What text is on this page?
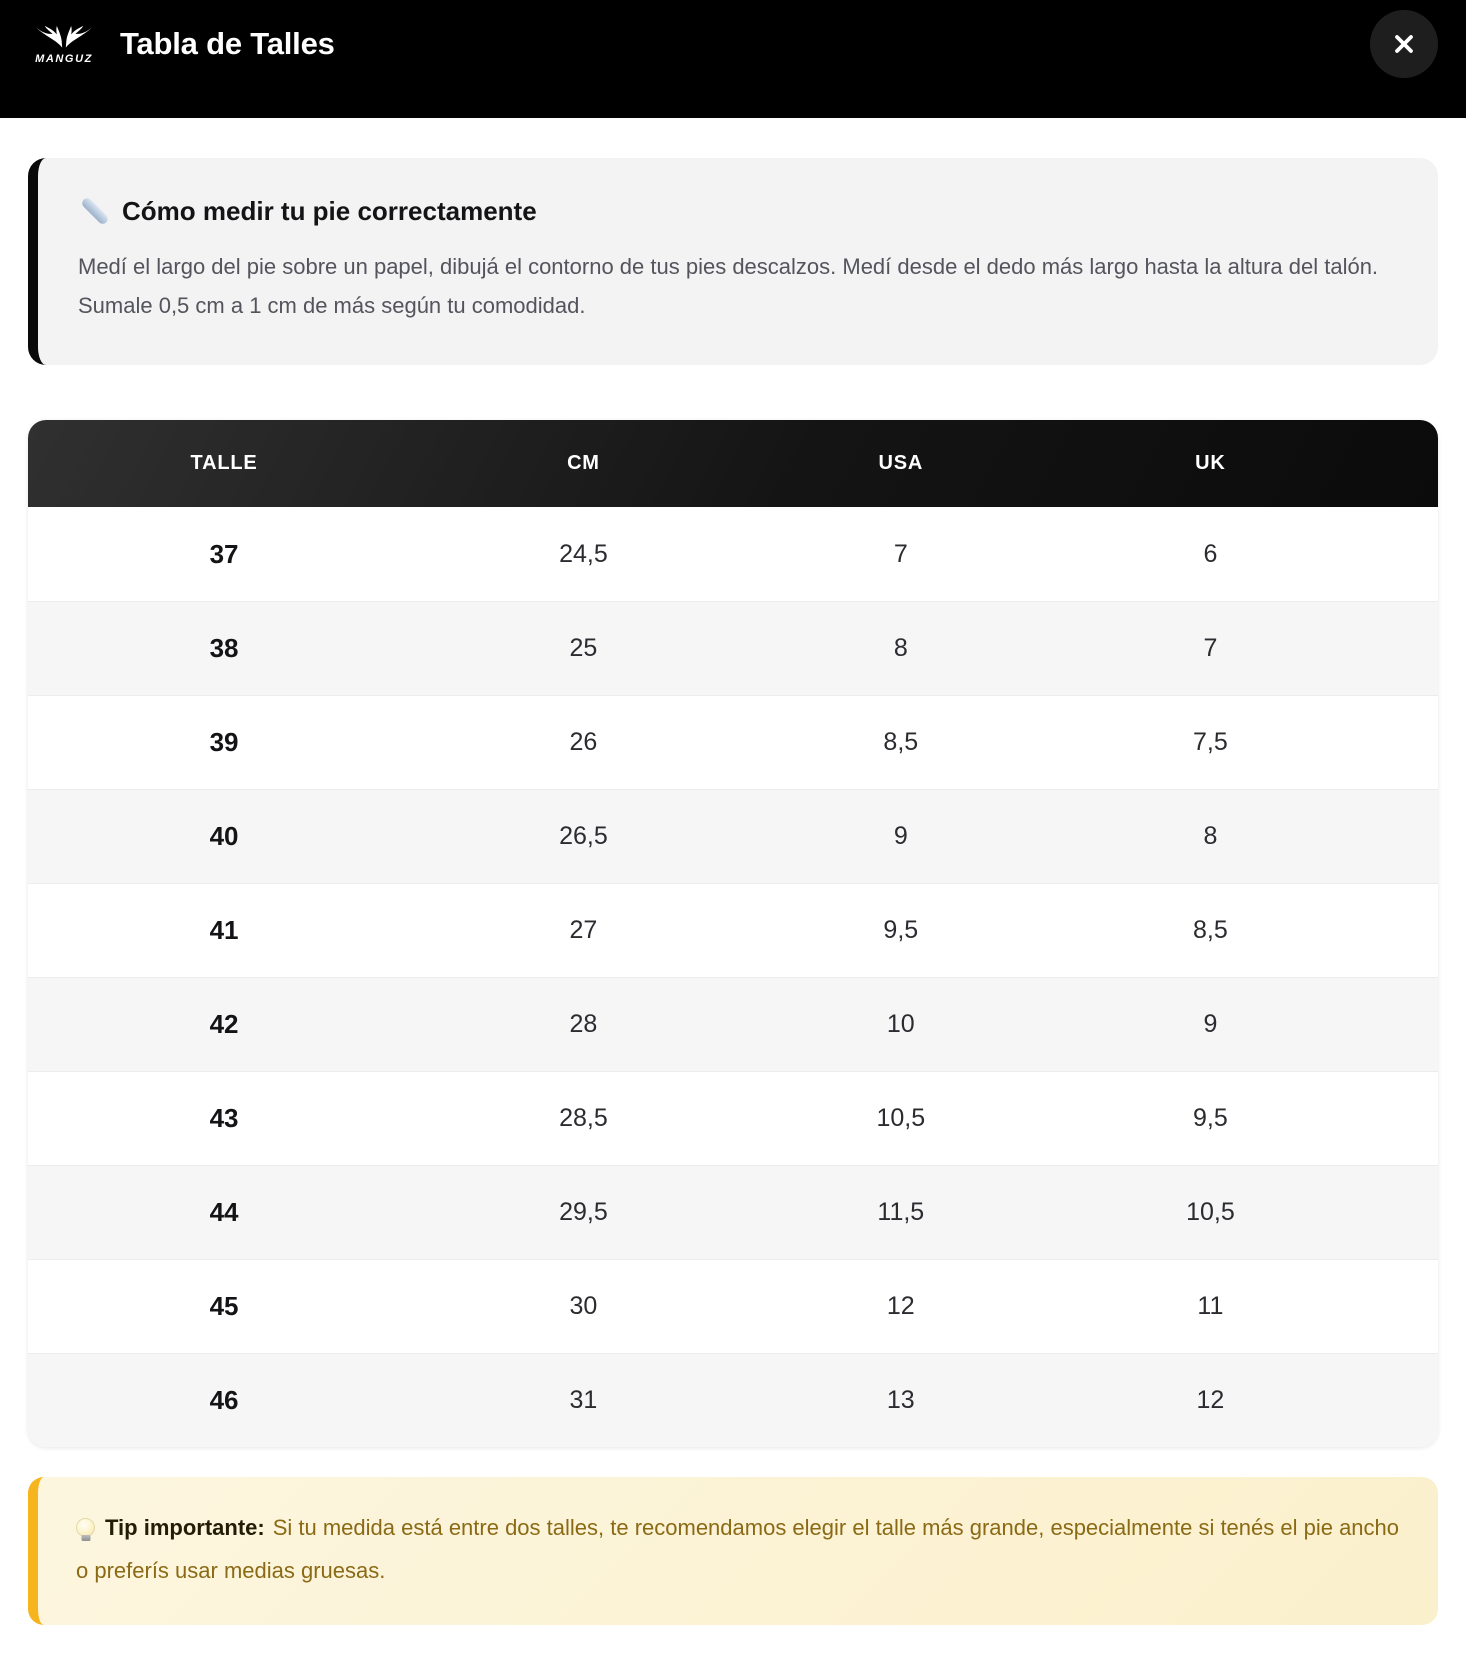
MANGUZ Tabla de Talles
Cómo medir tu pie correctamente

Medí el largo del pie sobre un papel, dibujá el contorno de tus pies descalzos. Medí desde el dedo más largo hasta la altura del talón. Sumale 0,5 cm a 1 cm de más según tu comodidad.

TALLE	CM	USA	UK
37	24,5	7	6
38	25	8	7
39	26	8,5	7,5
40	26,5	9	8
41	27	9,5	8,5
42	28	10	9
43	28,5	10,5	9,5
44	29,5	11,5	10,5
45	30	12	11
46	31	13	12

Tip importante: Si tu medida está entre dos talles, te recomendamos elegir el talle más grande, especialmente si tenés el pie ancho o preferís usar medias gruesas.
